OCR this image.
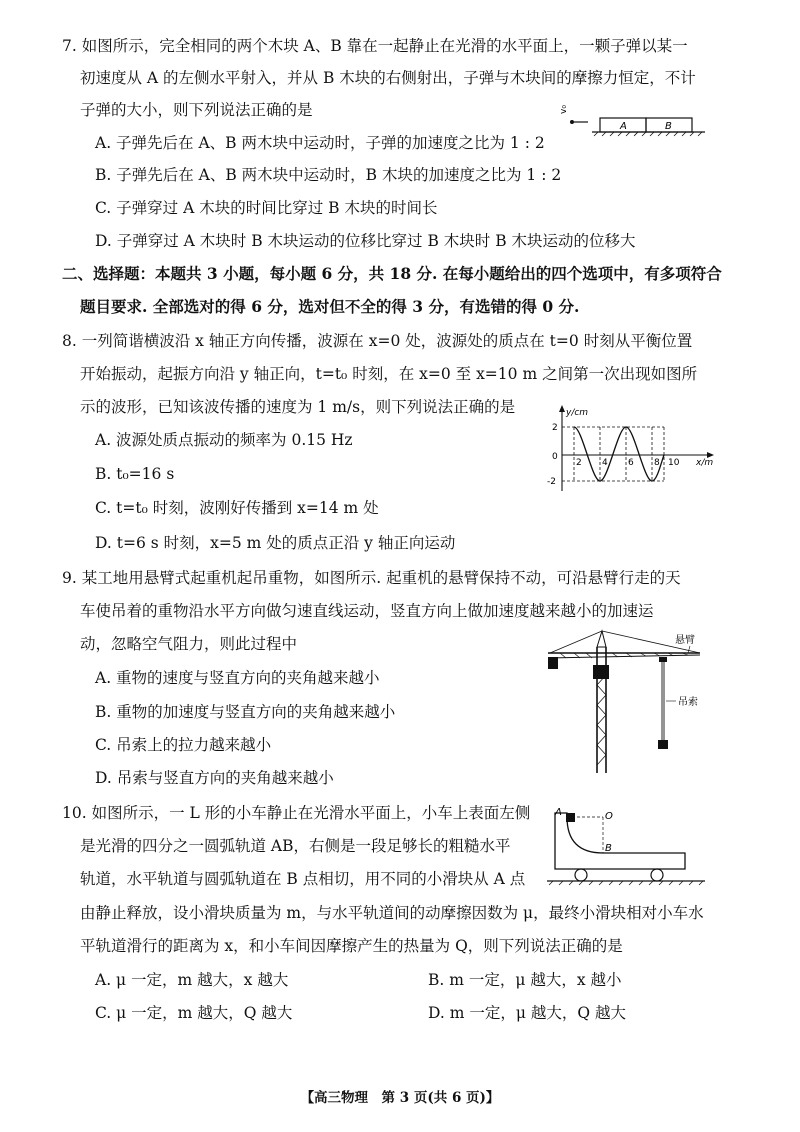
7. 如图所示，完全相同的两个木块 A、B 靠在一起静止在光滑的水平面上，一颗子弹以某一
初速度从 A 的左侧水平射入，并从 B 木块的右侧射出，子弹与木块间的摩擦力恒定，不计
子弹的大小，则下列说法正确的是
A. 子弹先后在 A、B 两木块中运动时，子弹的加速度之比为 1 : 2
B. 子弹先后在 A、B 两木块中运动时，B 木块的加速度之比为 1 : 2
C. 子弹穿过 A 木块的时间比穿过 B 木块的时间长
D. 子弹穿过 A 木块时 B 木块运动的位移比穿过 B 木块时 B 木块运动的位移大
v₀
A	B
二、选择题：本题共 3 小题，每小题 6 分，共 18 分. 在每小题给出的四个选项中，有多项符合
题目要求. 全部选对的得 6 分，选对但不全的得 3 分，有选错的得 0 分.
8. 一列简谐横波沿 x 轴正方向传播，波源在 x=0 处，波源处的质点在 t=0 时刻从平衡位置
开始振动，起振方向沿 y 轴正向，t=t₀ 时刻，在 x=0 至 x=10 m 之间第一次出现如图所
示的波形，已知该波传播的速度为 1 m/s，则下列说法正确的是
A. 波源处质点振动的频率为 0.15 Hz
B. t₀=16 s
C. t=t₀ 时刻，波刚好传播到 x=14 m 处
D. t=6 s 时刻，x=5 m 处的质点正沿 y 轴正向运动
y/cm
x/m
0
2
-2
2 4 6 8 10
9. 某工地用悬臂式起重机起吊重物，如图所示. 起重机的悬臂保持不动，可沿悬臂行走的天
车使吊着的重物沿水平方向做匀速直线运动，竖直方向上做加速度越来越小的加速运
动，忽略空气阻力，则此过程中
A. 重物的速度与竖直方向的夹角越来越小
B. 重物的加速度与竖直方向的夹角越来越小
C. 吊索上的拉力越来越小
D. 吊索与竖直方向的夹角越来越小
悬臂
吊索
10. 如图所示，一 L 形的小车静止在光滑水平面上，小车上表面左侧
是光滑的四分之一圆弧轨道 AB，右侧是一段足够长的粗糙水平
轨道，水平轨道与圆弧轨道在 B 点相切，用不同的小滑块从 A 点
由静止释放，设小滑块质量为 m，与水平轨道间的动摩擦因数为 μ，最终小滑块相对小车水
平轨道滑行的距离为 x，和小车间因摩擦产生的热量为 Q，则下列说法正确的是
A. μ 一定，m 越大，x 越大	B. m 一定，μ 越大，x 越小
C. μ 一定，m 越大，Q 越大	D. m 一定，μ 越大，Q 越大
A	O
B
【高三物理　第 3 页(共 6 页)】
